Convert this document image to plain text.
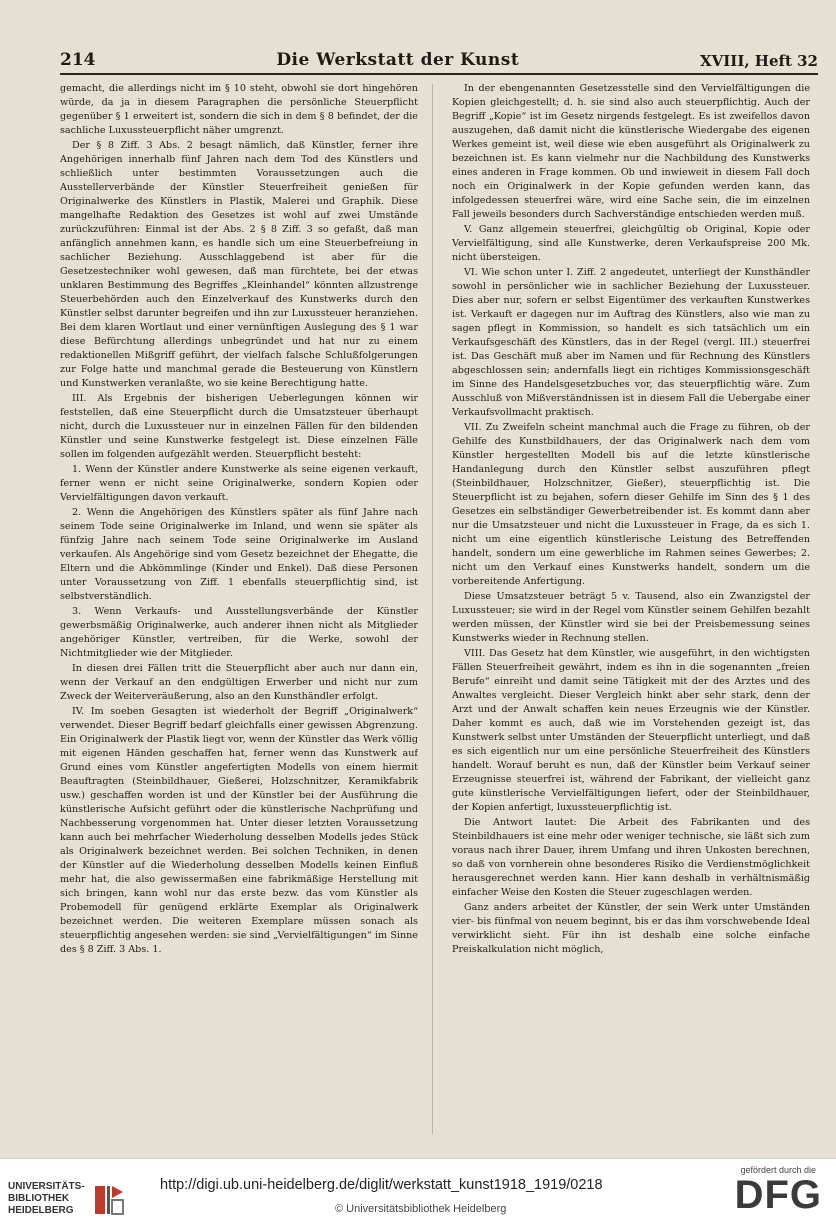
214	Die Werkstatt der Kunst	XVIII, Heft 32

gemacht, die allerdings nicht im § 10 steht, obwohl sie dort hingehören würde, da ja in diesem Paragraphen die persönliche Steuerpflicht gegenüber § 1 erweitert ist, sondern die sich in dem § 8 befindet, der die sachliche Luxussteuerpflicht näher umgrenzt.

Der § 8 Ziff. 3 Abs. 2 besagt nämlich, daß Künstler, ferner ihre Angehörigen innerhalb fünf Jahren nach dem Tod des Künstlers und schließlich unter bestimmten Voraussetzungen auch die Ausstellerverbände der Künstler Steuerfreiheit genießen für Originalwerke des Künstlers in Plastik, Malerei und Graphik. Diese mangelhafte Redaktion des Gesetzes ist wohl auf zwei Umstände zurückzuführen: Einmal ist der Abs. 2 § 8 Ziff. 3 so gefaßt, daß man anfänglich annehmen kann, es handle sich um eine Steuerbefreiung in sachlicher Beziehung. Ausschlaggebend ist aber für die Gesetzestechniker wohl gewesen, daß man fürchtete, bei der etwas unklaren Bestimmung des Begriffes „Kleinhandel“ könnten allzustrenge Steuerbehörden auch den Einzelverkauf des Kunstwerks durch den Künstler selbst darunter begreifen und ihn zur Luxussteuer heranziehen. Bei dem klaren Wortlaut und einer vernünftigen Auslegung des § 1 war diese Befürchtung allerdings unbegründet und hat nur zu einem redaktionellen Mißgriff geführt, der vielfach falsche Schlußfolgerungen zur Folge hatte und manchmal gerade die Besteuerung von Künstlern und Kunstwerken veranlaßte, wo sie keine Berechtigung hatte.

III. Als Ergebnis der bisherigen Ueberlegungen können wir feststellen, daß eine Steuerpflicht durch die Umsatzsteuer überhaupt nicht, durch die Luxussteuer nur in einzelnen Fällen für den bildenden Künstler und seine Kunstwerke festgelegt ist. Diese einzelnen Fälle sollen im folgenden aufgezählt werden. Steuerpflicht besteht:

1. Wenn der Künstler andere Kunstwerke als seine eigenen verkauft, ferner wenn er nicht seine Originalwerke, sondern Kopien oder Vervielfältigungen davon verkauft.

2. Wenn die Angehörigen des Künstlers später als fünf Jahre nach seinem Tode seine Originalwerke im Inland, und wenn sie später als fünfzig Jahre nach seinem Tode seine Originalwerke im Ausland verkaufen. Als Angehörige sind vom Gesetz bezeichnet der Ehegatte, die Eltern und die Abkömmlinge (Kinder und Enkel). Daß diese Personen unter Voraussetzung von Ziff. 1 ebenfalls steuerpflichtig sind, ist selbstverständlich.

3. Wenn Verkaufs- und Ausstellungsverbände der Künstler gewerbsmäßig Originalwerke, auch anderer ihnen nicht als Mitglieder angehöriger Künstler, vertreiben, für die Werke, sowohl der Nichtmitglieder wie der Mitglieder.

In diesen drei Fällen tritt die Steuerpflicht aber auch nur dann ein, wenn der Verkauf an den endgültigen Erwerber und nicht nur zum Zweck der Weiterveräußerung, also an den Kunsthändler erfolgt.

IV. Im soeben Gesagten ist wiederholt der Begriff „Originalwerk“ verwendet. Dieser Begriff bedarf gleichfalls einer gewissen Abgrenzung. Ein Originalwerk der Plastik liegt vor, wenn der Künstler das Werk völlig mit eigenen Händen geschaffen hat, ferner wenn das Kunstwerk auf Grund eines vom Künstler angefertigten Modells von einem hiermit Beauftragten (Steinbildhauer, Gießerei, Holzschnitzer, Keramikfabrik usw.) geschaffen worden ist und der Künstler bei der Ausführung die künstlerische Aufsicht geführt oder die künstlerische Nachprüfung und Nachbesserung vorgenommen hat. Unter dieser letzten Voraussetzung kann auch bei mehrfacher Wiederholung desselben Modells jedes Stück als Originalwerk bezeichnet werden. Bei solchen Techniken, in denen der Künstler auf die Wiederholung desselben Modells keinen Einfluß mehr hat, die also gewissermaßen eine fabrikmäßige Herstellung mit sich bringen, kann wohl nur das erste bezw. das vom Künstler als Probemodell für genügend erklärte Exemplar als Originalwerk bezeichnet werden. Die weiteren Exemplare müssen sonach als steuerpflichtig angesehen werden: sie sind „Vervielfältigungen“ im Sinne des § 8 Ziff. 3 Abs. 1.

In der ebengenannten Gesetzesstelle sind den Vervielfältigungen die Kopien gleichgestellt; d. h. sie sind also auch steuerpflichtig. Auch der Begriff „Kopie“ ist im Gesetz nirgends festgelegt. Es ist zweifellos davon auszugehen, daß damit nicht die künstlerische Wiedergabe des eigenen Werkes gemeint ist, weil diese wie eben ausgeführt als Originalwerk zu bezeichnen ist. Es kann vielmehr nur die Nachbildung des Kunstwerks eines anderen in Frage kommen. Ob und inwieweit in diesem Fall doch noch ein Originalwerk in der Kopie gefunden werden kann, das infolgedessen steuerfrei wäre, wird eine Sache sein, die im einzelnen Fall jeweils besonders durch Sachverständige entschieden werden muß.

V. Ganz allgemein steuerfrei, gleichgültig ob Original, Kopie oder Vervielfältigung, sind alle Kunstwerke, deren Verkaufspreise 200 Mk. nicht übersteigen.

VI. Wie schon unter I. Ziff. 2 angedeutet, unterliegt der Kunsthändler sowohl in persönlicher wie in sachlicher Beziehung der Luxussteuer. Dies aber nur, sofern er selbst Eigentümer des verkauften Kunstwerkes ist. Verkauft er dagegen nur im Auftrag des Künstlers, also wie man zu sagen pflegt in Kommission, so handelt es sich tatsächlich um ein Verkaufsgeschäft des Künstlers, das in der Regel (vergl. III.) steuerfrei ist. Das Geschäft muß aber im Namen und für Rechnung des Künstlers abgeschlossen sein; andernfalls liegt ein richtiges Kommissionsgeschäft im Sinne des Handelsgesetzbuches vor, das steuerpflichtig wäre. Zum Ausschluß von Mißverständnissen ist in diesem Fall die Uebergabe einer Verkaufsvollmacht praktisch.

VII. Zu Zweifeln scheint manchmal auch die Frage zu führen, ob der Gehilfe des Kunstbildhauers, der das Originalwerk nach dem vom Künstler hergestellten Modell bis auf die letzte künstlerische Handanlegung durch den Künstler selbst auszuführen pflegt (Steinbildhauer, Holzschnitzer, Gießer), steuerpflichtig ist. Die Steuerpflicht ist zu bejahen, sofern dieser Gehilfe im Sinn des § 1 des Gesetzes ein selbständiger Gewerbetreibender ist. Es kommt dann aber nur die Umsatzsteuer und nicht die Luxussteuer in Frage, da es sich 1. nicht um eine eigentlich künstlerische Leistung des Betreffenden handelt, sondern um eine gewerbliche im Rahmen seines Gewerbes; 2. nicht um den Verkauf eines Kunstwerks handelt, sondern um die vorbereitende Anfertigung.

Diese Umsatzsteuer beträgt 5 v. Tausend, also ein Zwanzigstel der Luxussteuer; sie wird in der Regel vom Künstler seinem Gehilfen bezahlt werden müssen, der Künstler wird sie bei der Preisbemessung seines Kunstwerks wieder in Rechnung stellen.

VIII. Das Gesetz hat dem Künstler, wie ausgeführt, in den wichtigsten Fällen Steuerfreiheit gewährt, indem es ihn in die sogenannten „freien Berufe“ einreiht und damit seine Tätigkeit mit der des Arztes und des Anwaltes vergleicht. Dieser Vergleich hinkt aber sehr stark, denn der Arzt und der Anwalt schaffen kein neues Erzeugnis wie der Künstler. Daher kommt es auch, daß wie im Vorstehenden gezeigt ist, das Kunstwerk selbst unter Umständen der Steuerpflicht unterliegt, und daß es sich eigentlich nur um eine persönliche Steuerfreiheit des Künstlers handelt. Worauf beruht es nun, daß der Künstler beim Verkauf seiner Erzeugnisse steuerfrei ist, während der Fabrikant, der vielleicht ganz gute künstlerische Vervielfältigungen liefert, oder der Steinbildhauer, der Kopien anfertigt, luxussteuerpflichtig ist.

Die Antwort lautet: Die Arbeit des Fabrikanten und des Steinbildhauers ist eine mehr oder weniger technische, sie läßt sich zum voraus nach ihrer Dauer, ihrem Umfang und ihren Unkosten berechnen, so daß von vornherein ohne besonderes Risiko die Verdienstmöglichkeit herausgerechnet werden kann. Hier kann deshalb in verhältnismäßig einfacher Weise den Kosten die Steuer zugeschlagen werden.

Ganz anders arbeitet der Künstler, der sein Werk unter Umständen vier- bis fünfmal von neuem beginnt, bis er das ihm vorschwebende Ideal verwirklicht sieht. Für ihn ist deshalb eine solche einfache Preiskalkulation nicht möglich,

UNIVERSITÄTS-
BIBLIOTHEK
HEIDELBERG
http://digi.ub.uni-heidelberg.de/diglit/werkstatt_kunst1918_1919/0218
© Universitätsbibliothek Heidelberg
gefördert durch die
DFG
